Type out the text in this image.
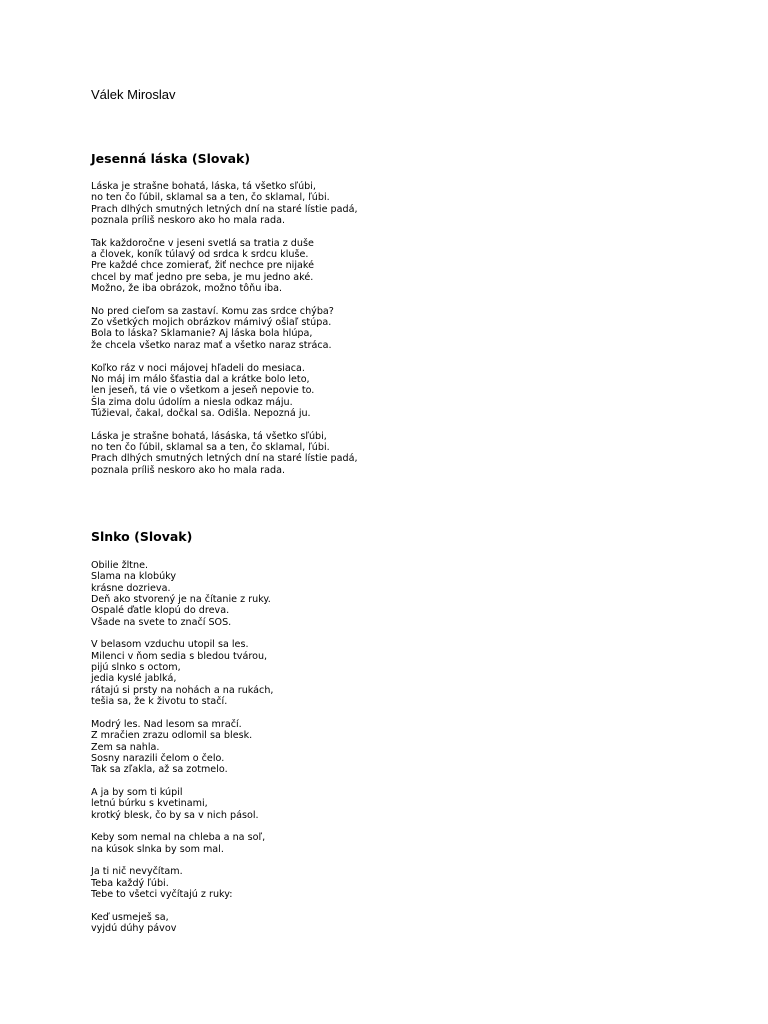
Válek Miroslav
Jesenná láska (Slovak)
Láska je strašne bohatá, láska, tá všetko sľúbi,
no ten čo ľúbil, sklamal sa a ten, čo sklamal, ľúbi.
Prach dlhých smutných letných dní na staré lístie padá,
poznala príliš neskoro ako ho mala rada.
Tak každoročne v jeseni svetlá sa tratia z duše
a človek, koník túlavý od srdca k srdcu kluše.
Pre každé chce zomierať, žiť nechce pre nijaké
chcel by mať jedno pre seba, je mu jedno aké.
Možno, že iba obrázok, možno tôňu iba.
No pred cieľom sa zastaví. Komu zas srdce chýba?
Zo všetkých mojich obrázkov mámivý ošiaľ stúpa.
Bola to láska? Sklamanie? Aj láska bola hlúpa,
že chcela všetko naraz mať a všetko naraz stráca.
Koľko ráz v noci májovej hľadeli do mesiaca.
No máj im málo šťastia dal a krátke bolo leto,
len jeseň, tá vie o všetkom a jeseň nepovie to.
Šla zima dolu údolím a niesla odkaz máju.
Túžieval, čakal, dočkal sa. Odišla. Nepozná ju.
Láska je strašne bohatá, lásáska, tá všetko sľúbi,
no ten čo ľúbil, sklamal sa a ten, čo sklamal, ľúbi.
Prach dlhých smutných letných dní na staré lístie padá,
poznala príliš neskoro ako ho mala rada.
Slnko (Slovak)
Obilie žltne.
Slama na klobúky
krásne dozrieva.
Deň ako stvorený je na čítanie z ruky.
Ospalé ďatle klopú do dreva.
Všade na svete to značí SOS.
V belasom vzduchu utopil sa les.
Milenci v ňom sedia s bledou tvárou,
pijú slnko s octom,
jedia kyslé jablká,
rátajú si prsty na nohách a na rukách,
tešia sa, že k životu to stačí.
Modrý les. Nad lesom sa mračí.
Z mračien zrazu odlomil sa blesk.
Zem sa nahla.
Sosny narazili čelom o čelo.
Tak sa zľakla, až sa zotmelo.
A ja by som ti kúpil
letnú búrku s kvetinami,
krotký blesk, čo by sa v nich pásol.
Keby som nemal na chleba a na soľ,
na kúsok slnka by som mal.
Ja ti nič nevyčítam.
Teba každý ľúbi.
Tebe to všetci vyčítajú z ruky:
Keď usmeješ sa,
vyjdú dúhy pávov
